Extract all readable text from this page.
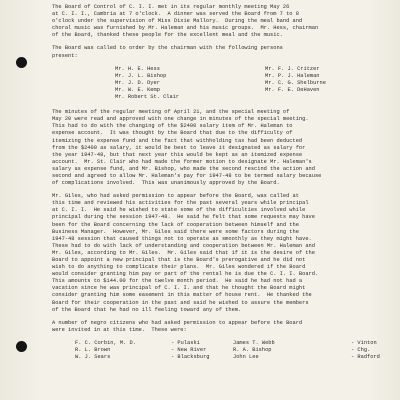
The Board of Control of C. I. I. met in its regular monthly meeting May 26
at C. I. I., Cambria at 7 o'clock.  A dinner was served the Board from 7 to 8
o'clock under the supervision of Miss Dixie Mallory.  During the meal band and
choral music was furnished by Mr. Haleman and his music groups.  Mr. Hess, chairman
of the Board, thanked these people for the excellent meal and the music.
The Board was called to order by the chairman with the following persons
present:
Mr. H. E. Hess	Mr. F. J. Critzer
Mr. J. L. Bishop	Mr. P. J. Haleman
Mr. J. D. Dyer	Mr. C. G. Shelburne
Mr. W. E. Kemp	Mr. F. E. DeHaven
Mr. Robert St. Clair
The minutes of the regular meeting of April 21, and the special meeting of
May 20 were read and approved with one change in minutes of the special meeting.
This had to do with the changing of the $2400 salary item of Mr. Haleman to
expense account.  It was thought by the Board that due to the difficulty of
itemizing the expense fund and the fact that withholding tax had been deducted
from the $2400 as salary, it would be best to leave it designated as salary for
the year 1947-48, but that next year this would be kept as an itemized expense
account.  Mr. St. Clair who had made the former motion to designate Mr. Haleman's
salary as expense fund, and Mr. Bishop, who made the second rescind the action and
second and agreed to allow Mr. Haleman's pay for 1947-48 to be termed salary because
of complications involved.  This was unanimously approved by the Board.
Mr. Giles, who had asked permission to appear before the Board, was called at
this time and reviewed his activities for the past several years while principal
at C. I. I.  He said he wished to state some of the difficulties involved while
principal during the session 1947-48.  He said he felt that some requests may have
been for the Board concerning the lack of cooperation between himself and the
Business Manager.  However, Mr. Giles said there were some factors during the
1947-48 session that caused things not to operate as smoothly as they might have.
These had to do with lack of understanding and cooperation between Mr. Haleman and
Mr. Giles, according to Mr. Giles.  Mr. Giles said that if it is the desire of the
Board to appoint a new principal that is the Board's prerogative and he did not
wish to do anything to complicate their plans.  Mr. Giles wondered if the Board
would consider granting him pay or part of the rental he is due the C. I. I. Board.
This amounts to $144.00 for the twelve month period.  He said he had not had a
vacation since he was principal of C. I. I. and that he thought the Board might
consider granting him some easement in this matter of house rent.  He thanked the
Board for their cooperation in the past and said he wished to assure the members
of the Board that he had no ill feeling toward any of them.
A number of negro citizens who had asked permission to appear before the Board
were invited in at this time.  These were:
F. C. Corbin, M. D.	- Pulaski	James T. Webb	- Vinton
R. L. Brown	- New River	R. A. Bishop	- Chg.
W. J. Sears	- Blacksburg	John Lee	- Radford
